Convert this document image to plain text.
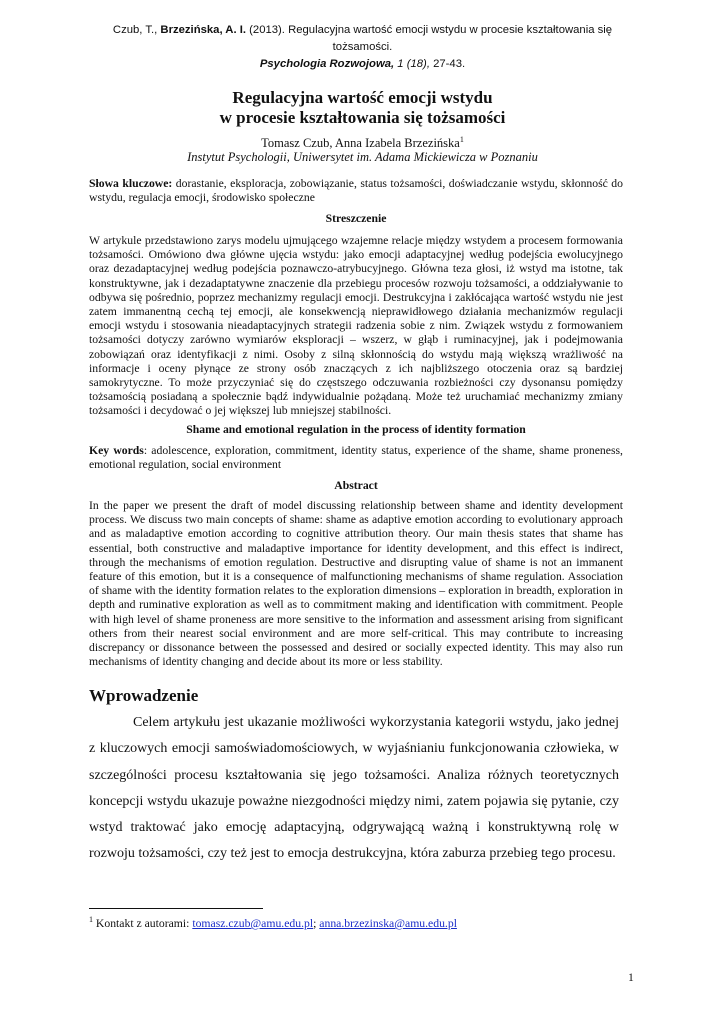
Czub, T., Brzezińska, A. I. (2013). Regulacyjna wartość emocji wstydu w procesie kształtowania się tożsamości.
Psychologia Rozwojowa, 1 (18), 27-43.
Regulacyjna wartość emocji wstydu
w procesie kształtowania się tożsamości
Tomasz Czub, Anna Izabela Brzezińska$^1$
Instytut Psychologii, Uniwersytet im. Adama Mickiewicza w Poznaniu
Słowa kluczowe: dorastanie, eksploracja, zobowiązanie, status tożsamości, doświadczanie wstydu, skłonność do wstydu, regulacja emocji, środowisko społeczne
Streszczenie
W artykule przedstawiono zarys modelu ujmującego wzajemne relacje między wstydem a procesem formowania tożsamości. Omówiono dwa główne ujęcia wstydu: jako emocji adaptacyjnej według podejścia ewolucyjnego oraz dezadaptacyjnej według podejścia poznawczo-atrybucyjnego. Główna teza głosi, iż wstyd ma istotne, tak konstruktywne, jak i dezadaptatywne znaczenie dla przebiegu procesów rozwoju tożsamości, a oddziaływanie to odbywa się pośrednio, poprzez mechanizmy regulacji emocji. Destrukcyjna i zakłócająca wartość wstydu nie jest zatem immanentną cechą tej emocji, ale konsekwencją nieprawidłowego działania mechanizmów regulacji emocji wstydu i stosowania nieadaptacyjnych strategii radzenia sobie z nim. Związek wstydu z formowaniem tożsamości dotyczy zarówno wymiarów eksploracji – wszerz, w głąb i ruminacyjnej, jak i podejmowania zobowiązań oraz identyfikacji z nimi. Osoby z silną skłonnością do wstydu mają większą wrażliwość na informacje i oceny płynące ze strony osób znaczących z ich najbliższego otoczenia oraz są bardziej samokrytyczne. To może przyczyniać się do częstszego odczuwania rozbieżności czy dysonansu pomiędzy tożsamością posiadaną a społecznie bądź indywidualnie pożądaną. Może też uruchamiać mechanizmy zmiany tożsamości i decydować o jej większej lub mniejszej stabilności.
Shame and emotional regulation in the process of identity formation
Key words: adolescence, exploration, commitment, identity status, experience of the shame, shame proneness, emotional regulation, social environment
Abstract
In the paper we present the draft of model discussing relationship between shame and identity development process. We discuss two main concepts of shame: shame as adaptive emotion according to evolutionary approach and as maladaptive emotion according to cognitive attribution theory. Our main thesis states that shame has essential, both constructive and maladaptive importance for identity development, and this effect is indirect, through the mechanisms of emotion regulation. Destructive and disrupting value of shame is not an immanent feature of this emotion, but it is a consequence of malfunctioning mechanisms of shame regulation. Association of shame with the identity formation relates to the exploration dimensions – exploration in breadth, exploration in depth and ruminative exploration as well as to commitment making and identification with commitment. People with high level of shame proneness are more sensitive to the information and assessment arising from significant others from their nearest social environment and are more self-critical. This may contribute to increasing discrepancy or dissonance between the possessed and desired or socially expected identity. This may also run mechanisms of identity changing and decide about its more or less stability.
Wprowadzenie
Celem artykułu jest ukazanie możliwości wykorzystania kategorii wstydu, jako jednej z kluczowych emocji samoświadomościowych, w wyjaśnianiu funkcjonowania człowieka, w szczególności procesu kształtowania się jego tożsamości. Analiza różnych teoretycznych koncepcji wstydu ukazuje poważne niezgodności między nimi, zatem pojawia się pytanie, czy wstyd traktować jako emocję adaptacyjną, odgrywającą ważną i konstruktywną rolę w rozwoju tożsamości, czy też jest to emocja destrukcyjna, która zaburza przebieg tego procesu.
$^1$ Kontakt z autorami: tomasz.czub@amu.edu.pl; anna.brzezinska@amu.edu.pl
1
